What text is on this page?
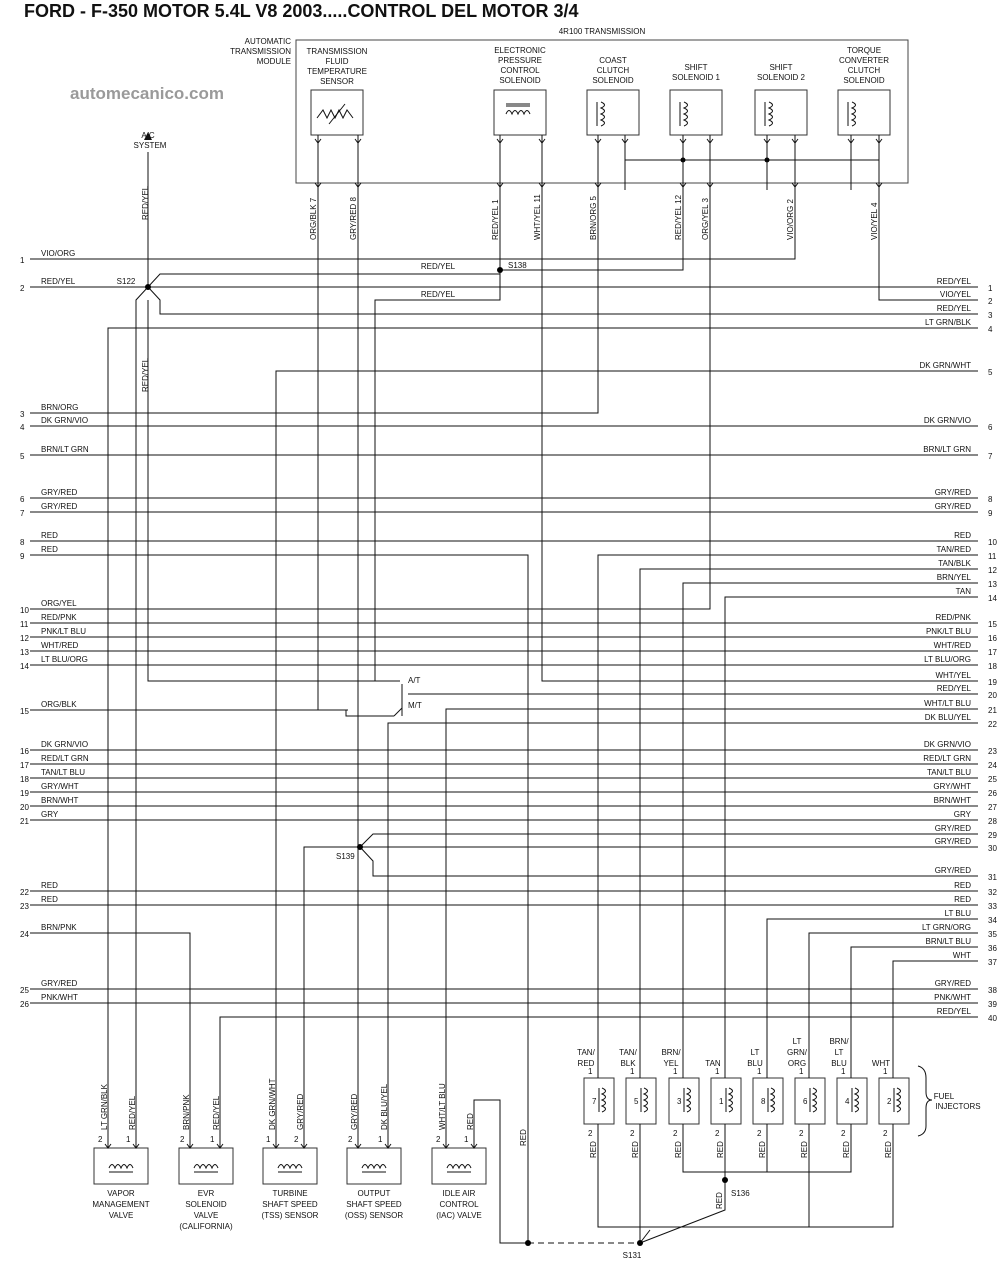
FORD - F-350 MOTOR 5.4L V8 2003.....CONTROL DEL MOTOR 3/4
4R100 TRANSMISSION
automecanico.com
S122
S138
S139
S136
S131
A/T
M/T
RED/YEL
RED/YEL
FUEL
INJECTORS
A/C
SYSTEM
AUTOMATIC
TRANSMISSION
MODULE
1
VIO/ORG
2
RED/YEL
3
BRN/ORG
4
DK GRN/VIO
5
BRN/LT GRN
6
GRY/RED
7
GRY/RED
8
RED
9
RED
10
ORG/YEL
11
RED/PNK
12
PNK/LT BLU
13
WHT/RED
14
LT BLU/ORG
15
ORG/BLK
16
DK GRN/VIO
17
RED/LT GRN
18
TAN/LT BLU
19
GRY/WHT
20
BRN/WHT
21
GRY
22
RED
23
RED
24
BRN/PNK
25
GRY/RED
26
PNK/WHT
1
RED/YEL
2
VIO/YEL
3
RED/YEL
4
LT GRN/BLK
5
DK GRN/WHT
6
DK GRN/VIO
7
BRN/LT GRN
8
GRY/RED
9
GRY/RED
10
RED
11
TAN/RED
12
TAN/BLK
13
BRN/YEL
14
TAN
15
RED/PNK
16
PNK/LT BLU
17
WHT/RED
18
LT BLU/ORG
19
WHT/YEL
20
RED/YEL
21
WHT/LT BLU
22
DK BLU/YEL
23
DK GRN/VIO
24
RED/LT GRN
25
TAN/LT BLU
26
GRY/WHT
27
BRN/WHT
28
GRY
29
GRY/RED
30
GRY/RED
31
GRY/RED
32
RED
33
RED
34
LT BLU
35
LT GRN/ORG
36
BRN/LT BLU
37
WHT
38
GRY/RED
39
PNK/WHT
40
RED/YEL
TRANSMISSION
FLUID
TEMPERATURE
SENSOR
ELECTRONIC
PRESSURE
CONTROL
SOLENOID
COAST
CLUTCH
SOLENOID
SHIFT
SOLENOID 1
SHIFT
SOLENOID 2
TORQUE
CONVERTER
CLUTCH
SOLENOID
ORG/BLK 7	GRY/RED 8	RED/YEL 1	WHT/YEL 11	BRN/ORG 5	RED/YEL 12 ORG/YEL 3	VIO/ORG 2	VIO/YEL 4
RED/YEL
RED/YEL
RED
LT GRN/BLK RED/YEL
2	1
VAPOR
MANAGEMENT
VALVE
BRN/PNK	RED/YEL
2	1
EVR
SOLENOID
VALVE
(CALIFORNIA)
DK GRN/WHT GRY/RED
1	2
TURBINE
SHAFT SPEED
(TSS) SENSOR
GRY/RED	DK BLU/YEL
2	1
OUTPUT
SHAFT SPEED
(OSS) SENSOR
WHT/LT BLU RED
2	1
IDLE AIR
CONTROL
(IAC) VALVE
7
1
2
TAN/
RED
RED
5
1
2
TAN/
BLK
RED
3
1
2
BRN/
YEL
RED
1
1
2
TAN
RED
8
1
2
LT
BLU
RED
6
1
2
LT
GRN/
ORG
RED
4
1
2
BRN/
LT
BLU
RED
2
1
2
WHT
RED
RED
